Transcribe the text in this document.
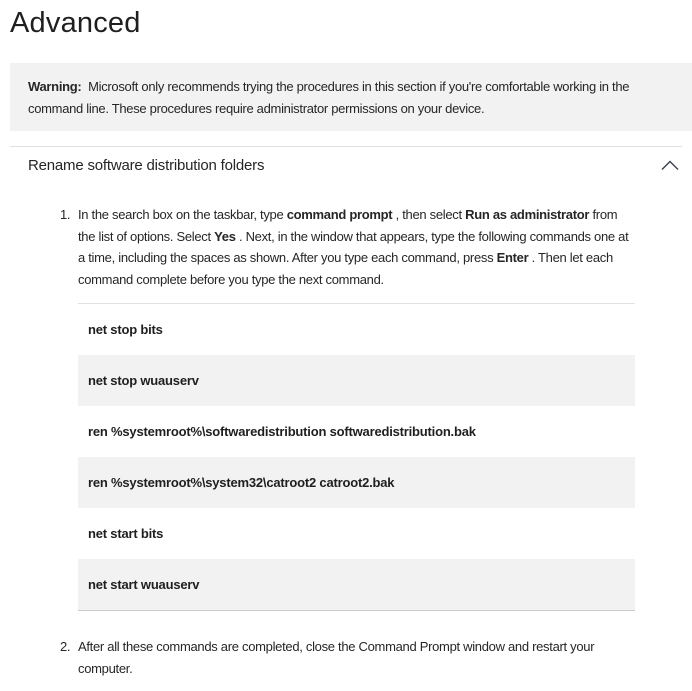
Advanced
Warning: Microsoft only recommends trying the procedures in this section if you're comfortable working in the command line. These procedures require administrator permissions on your device.
Rename software distribution folders
1. In the search box on the taskbar, type command prompt , then select Run as administrator from the list of options. Select Yes . Next, in the window that appears, type the following commands one at a time, including the spaces as shown. After you type each command, press Enter . Then let each command complete before you type the next command.
net stop bits
net stop wuauserv
ren %systemroot%\softwaredistribution softwaredistribution.bak
ren %systemroot%\system32\catroot2 catroot2.bak
net start bits
net start wuauserv
2. After all these commands are completed, close the Command Prompt window and restart your computer.
